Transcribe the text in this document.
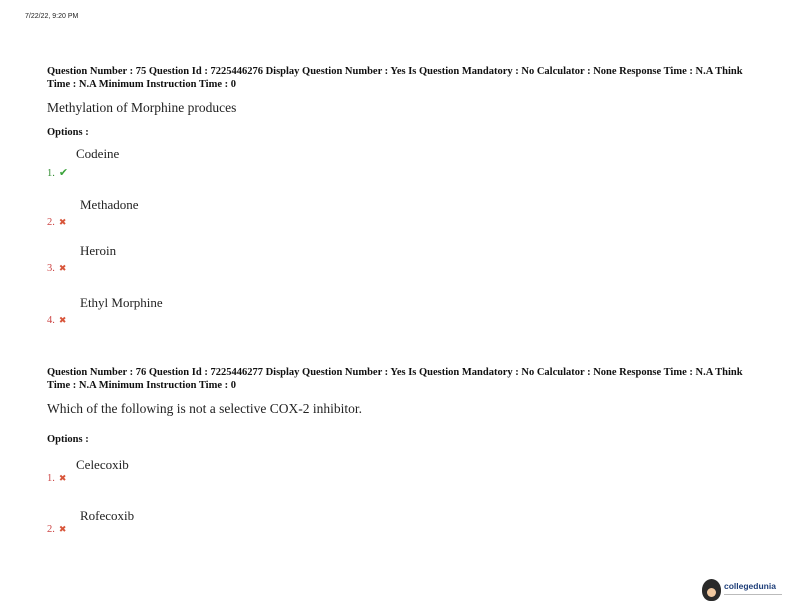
7/22/22, 9:20 PM
Question Number : 75 Question Id : 7225446276 Display Question Number : Yes Is Question Mandatory : No Calculator : None Response Time : N.A Think Time : N.A Minimum Instruction Time : 0
Methylation of Morphine produces
Options :
Codeine
1. ✔
Methadone
2. ✖
Heroin
3. ✖
Ethyl Morphine
4. ✖
Question Number : 76 Question Id : 7225446277 Display Question Number : Yes Is Question Mandatory : No Calculator : None Response Time : N.A Think Time : N.A Minimum Instruction Time : 0
Which of the following is not a selective COX-2 inhibitor.
Options :
Celecoxib
1. ✖
Rofecoxib
2. ✖
collegedunia
